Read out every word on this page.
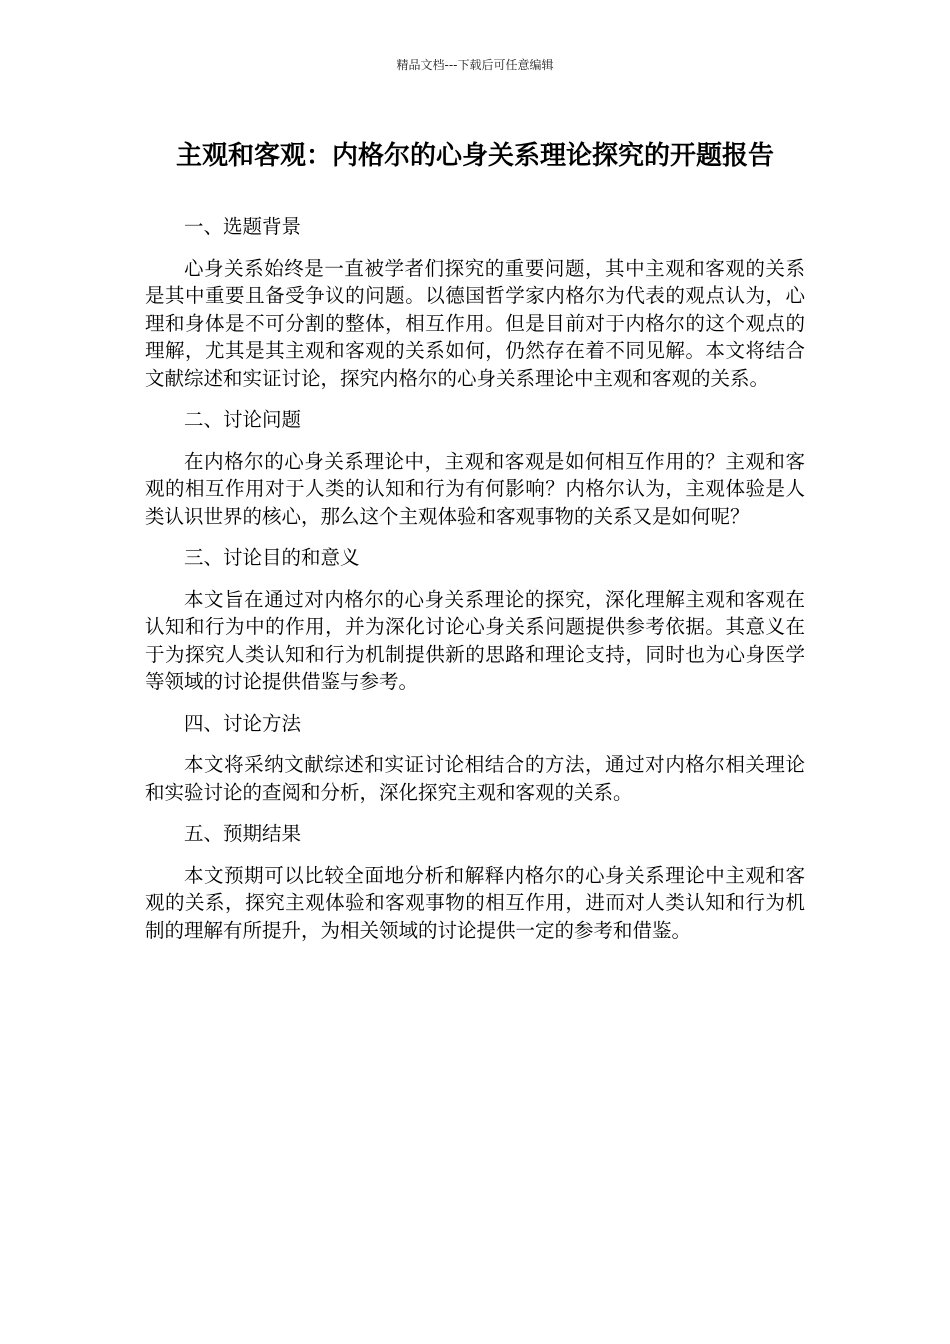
精品文档---下载后可任意编辑
主观和客观：内格尔的心身关系理论探究的开题报告

一、选题背景

心身关系始终是一直被学者们探究的重要问题，其中主观和客观的关系是其中重要且备受争议的问题。以德国哲学家内格尔为代表的观点认为，心理和身体是不可分割的整体，相互作用。但是目前对于内格尔的这个观点的理解，尤其是其主观和客观的关系如何，仍然存在着不同见解。本文将结合文献综述和实证讨论，探究内格尔的心身关系理论中主观和客观的关系。

二、讨论问题

在内格尔的心身关系理论中，主观和客观是如何相互作用的？主观和客观的相互作用对于人类的认知和行为有何影响？内格尔认为，主观体验是人类认识世界的核心，那么这个主观体验和客观事物的关系又是如何呢？

三、讨论目的和意义

本文旨在通过对内格尔的心身关系理论的探究，深化理解主观和客观在认知和行为中的作用，并为深化讨论心身关系问题提供参考依据。其意义在于为探究人类认知和行为机制提供新的思路和理论支持，同时也为心身医学等领域的讨论提供借鉴与参考。

四、讨论方法

本文将采纳文献综述和实证讨论相结合的方法，通过对内格尔相关理论和实验讨论的查阅和分析，深化探究主观和客观的关系。

五、预期结果

本文预期可以比较全面地分析和解释内格尔的心身关系理论中主观和客观的关系，探究主观体验和客观事物的相互作用，进而对人类认知和行为机制的理解有所提升，为相关领域的讨论提供一定的参考和借鉴。
